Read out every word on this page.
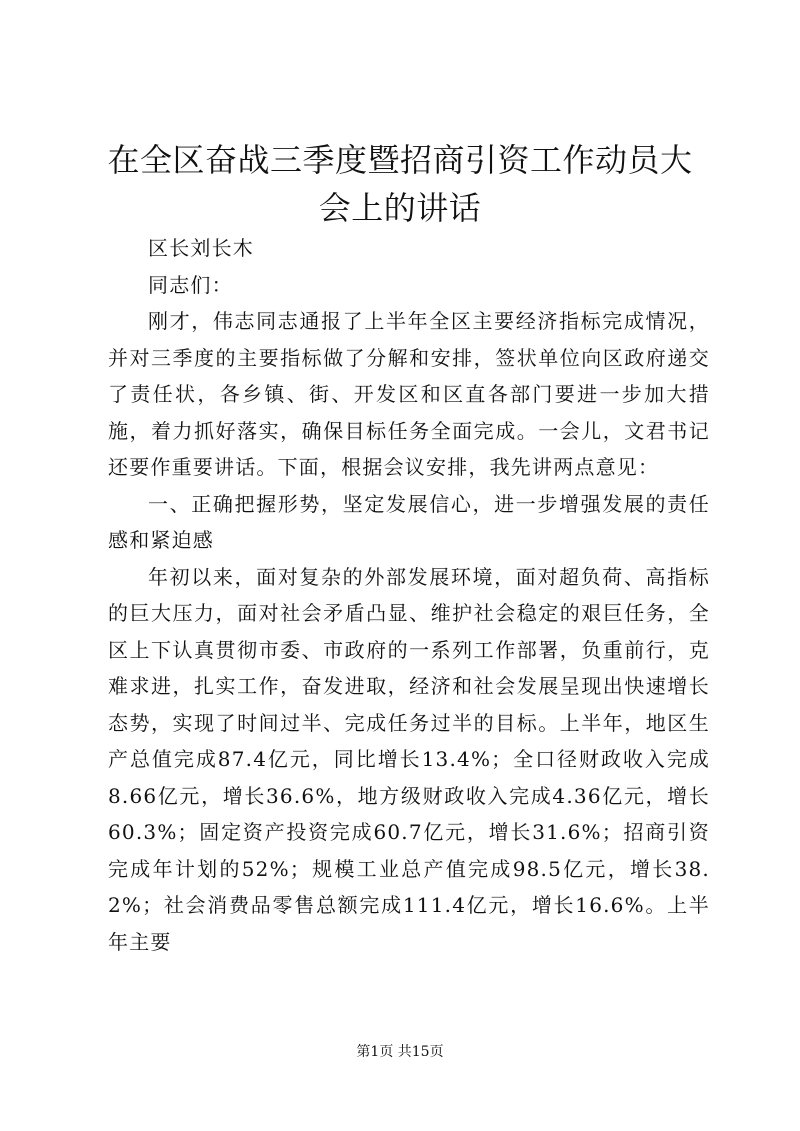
在全区奋战三季度暨招商引资工作动员大会上的讲话

区长刘长木

同志们：

刚才，伟志同志通报了上半年全区主要经济指标完成情况，并对三季度的主要指标做了分解和安排，签状单位向区政府递交了责任状，各乡镇、街、开发区和区直各部门要进一步加大措施，着力抓好落实，确保目标任务全面完成。一会儿，文君书记还要作重要讲话。下面，根据会议安排，我先讲两点意见：

一、正确把握形势，坚定发展信心，进一步增强发展的责任感和紧迫感

年初以来，面对复杂的外部发展环境，面对超负荷、高指标的巨大压力，面对社会矛盾凸显、维护社会稳定的艰巨任务，全区上下认真贯彻市委、市政府的一系列工作部署，负重前行，克难求进，扎实工作，奋发进取，经济和社会发展呈现出快速增长态势，实现了时间过半、完成任务过半的目标。上半年，地区生产总值完成87.4亿元，同比增长13.4%；全口径财政收入完成8.66亿元，增长36.6%，地方级财政收入完成4.36亿元，增长60.3%；固定资产投资完成60.7亿元，增长31.6%；招商引资完成年计划的52%；规模工业总产值完成98.5亿元，增长38.2%；社会消费品零售总额完成111.4亿元，增长16.6%。上半年主要

第1页 共15页
